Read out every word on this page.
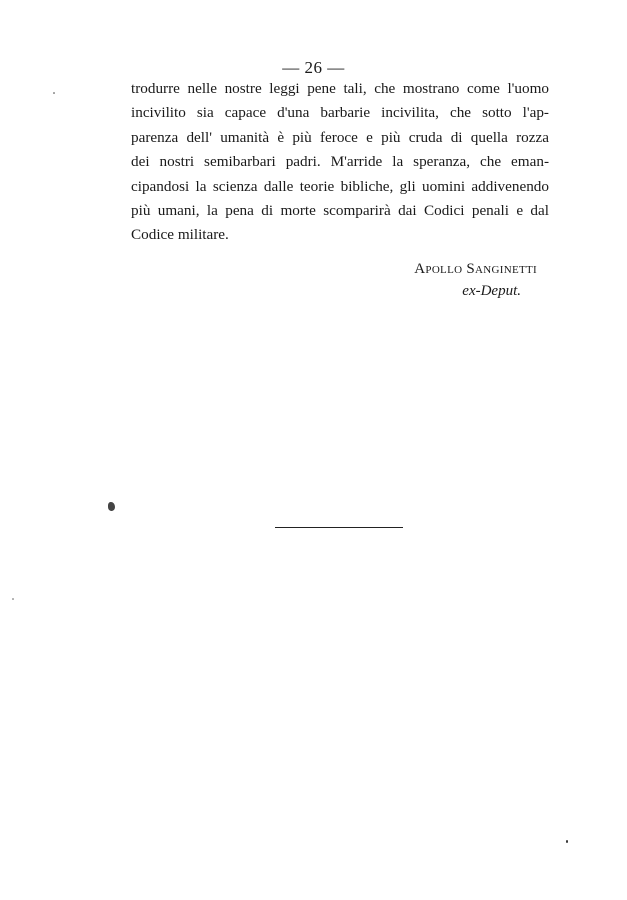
— 26 —
trodurre nelle nostre leggi pene tali, che mostrano come l'uomo
incivilito sia capace d'una barbarie incivilita, che sotto l'ap-
parenza dell' umanità è più feroce e più cruda di quella rozza
dei nostri semibarbari padri. M'arride la speranza, che eman-
cipandosi la scienza dalle teorie bibliche, gli uomini addivenendo
più umani, la pena di morte scomparirà dai Codici penali e dal
Codice militare.
Apollo Sanginetti
ex-Deput.
